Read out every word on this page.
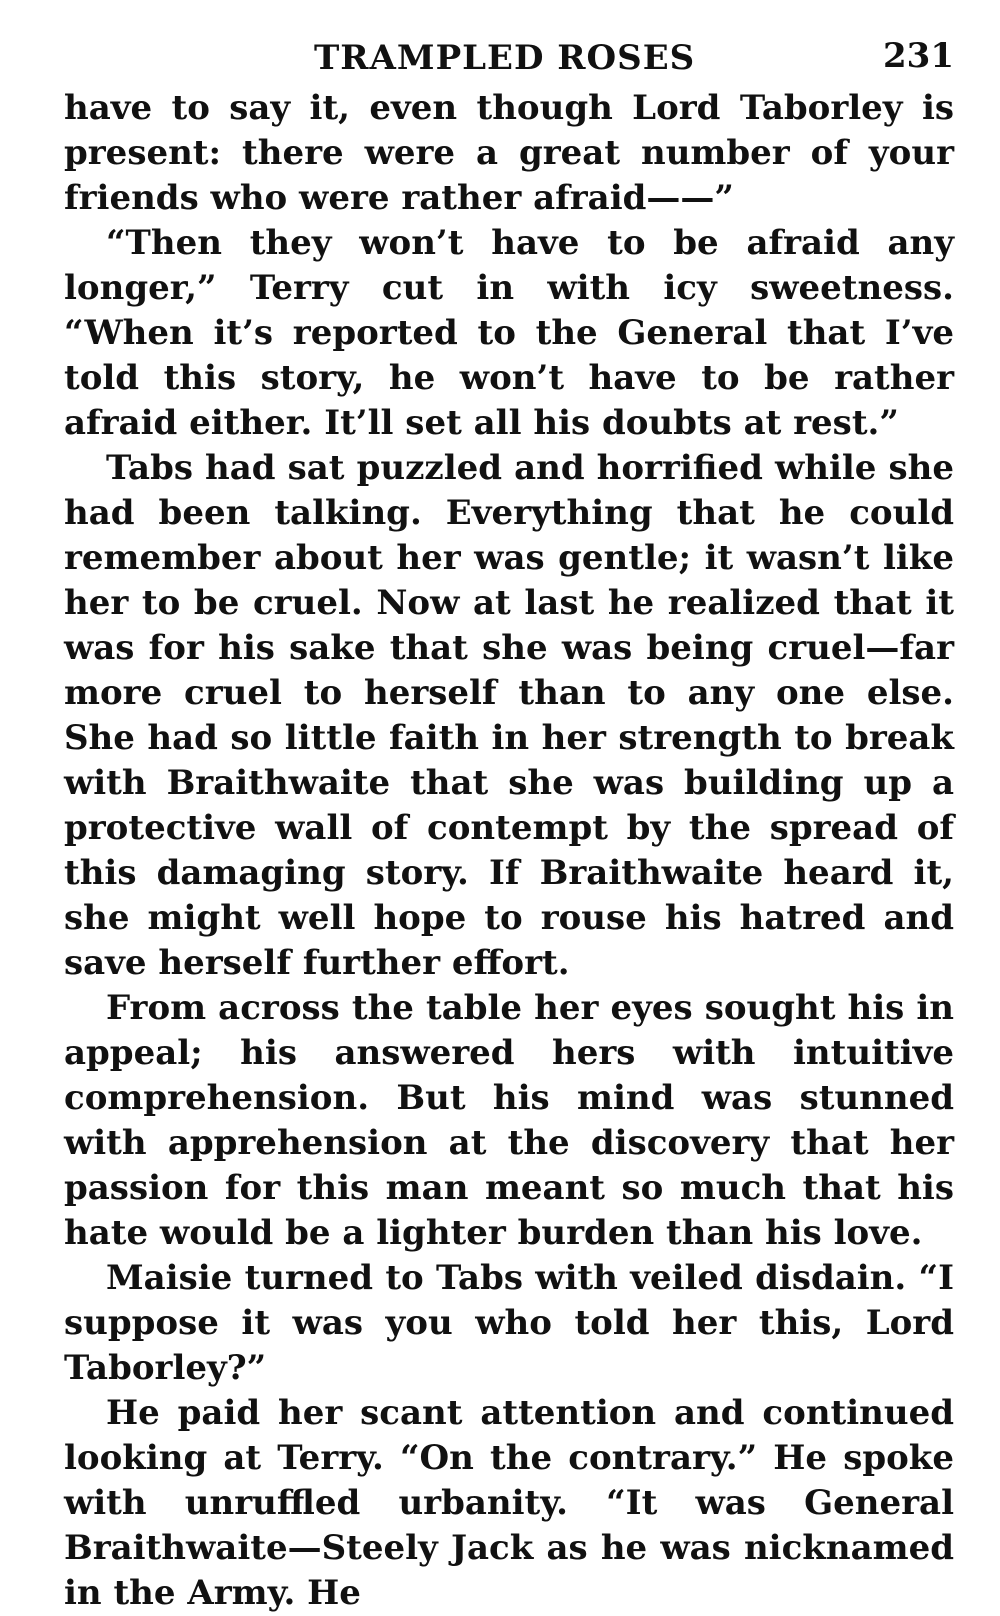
TRAMPLED ROSES	231

have to say it, even though Lord Taborley is present: there were a great number of your friends who were rather afraid——”

“Then they won’t have to be afraid any longer,” Terry cut in with icy sweetness. “When it’s reported to the General that I’ve told this story, he won’t have to be rather afraid either. It’ll set all his doubts at rest.”

Tabs had sat puzzled and horrified while she had been talking. Everything that he could remember about her was gentle; it wasn’t like her to be cruel. Now at last he realized that it was for his sake that she was being cruel—far more cruel to herself than to any one else. She had so little faith in her strength to break with Braithwaite that she was building up a protective wall of contempt by the spread of this damaging story. If Braithwaite heard it, she might well hope to rouse his hatred and save herself further effort.

From across the table her eyes sought his in appeal; his answered hers with intuitive comprehension. But his mind was stunned with apprehension at the discovery that her passion for this man meant so much that his hate would be a lighter burden than his love.

Maisie turned to Tabs with veiled disdain. “I suppose it was you who told her this, Lord Taborley?”

He paid her scant attention and continued looking at Terry. “On the contrary.” He spoke with unruffled urbanity. “It was General Braithwaite—Steely Jack as he was nicknamed in the Army. He
